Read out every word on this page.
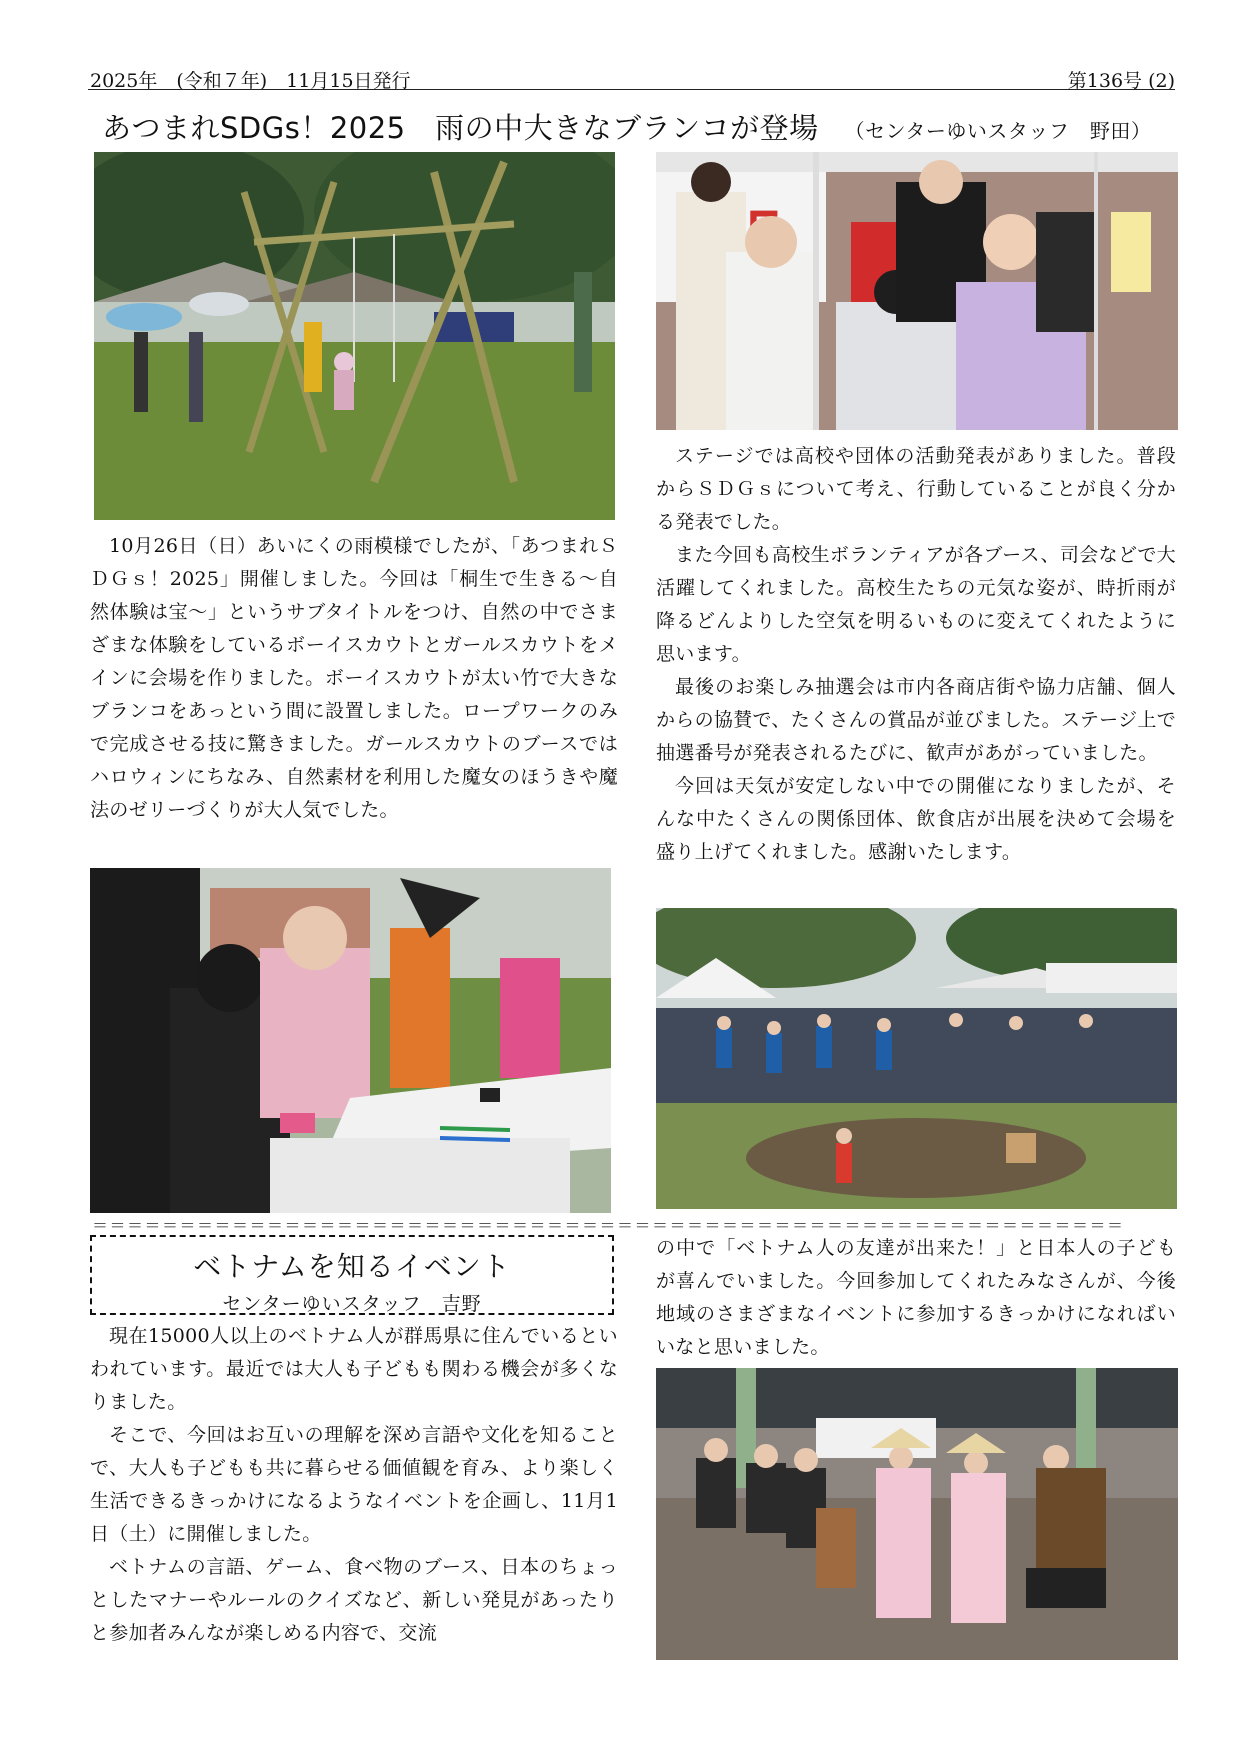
2025年　(令和７年)　11月15日発行	第136号 (2)
あつまれSDGs！2025　雨の中大きなブランコが登場 （センターゆいスタッフ　野田）

10月26日（日）あいにくの雨模様でしたが、「あつまれＳＤＧｓ！2025」開催しました。今回は「桐生で生きる～自然体験は宝～」というサブタイトルをつけ、自然の中でさまざまな体験をしているボーイスカウトとガールスカウトをメインに会場を作りました。ボーイスカウトが太い竹で大きなブランコをあっという間に設置しました。ロープワークのみで完成させる技に驚きました。ガールスカウトのブースではハロウィンにちなみ、自然素材を利用した魔女のほうきや魔法のゼリーづくりが大人気でした。

ステージでは高校や団体の活動発表がありました。普段からＳＤＧｓについて考え、行動していることが良く分かる発表でした。

また今回も高校生ボランティアが各ブース、司会などで大活躍してくれました。高校生たちの元気な姿が、時折雨が降るどんよりした空気を明るいものに変えてくれたように思います。

最後のお楽しみ抽選会は市内各商店街や協力店舗、個人からの協賛で、たくさんの賞品が並びました。ステージ上で抽選番号が発表されるたびに、歓声があがっていました。

今回は天気が安定しない中での開催になりましたが、そんな中たくさんの関係団体、飲食店が出展を決めて会場を盛り上げてくれました。感謝いたします。

＝＝＝＝＝＝＝＝＝＝＝＝＝＝＝＝＝＝＝＝＝＝＝＝＝＝＝＝＝＝＝＝＝＝＝＝＝＝＝＝＝＝＝＝＝＝＝＝＝＝＝＝＝＝＝＝＝＝＝
ベトナムを知るイベント
センターゆいスタッフ　吉野

現在15000人以上のベトナム人が群馬県に住んでいるといわれています。最近では大人も子どもも関わる機会が多くなりました。

そこで、今回はお互いの理解を深め言語や文化を知ることで、大人も子どもも共に暮らせる価値観を育み、より楽しく生活できるきっかけになるようなイベントを企画し、11月1日（土）に開催しました。

ベトナムの言語、ゲーム、食べ物のブース、日本のちょっとしたマナーやルールのクイズなど、新しい発見があったりと参加者みんなが楽しめる内容で、交流

の中で「ベトナム人の友達が出来た！」と日本人の子どもが喜んでいました。今回参加してくれたみなさんが、今後地域のさまざまなイベントに参加するきっかけになればいいなと思いました。
